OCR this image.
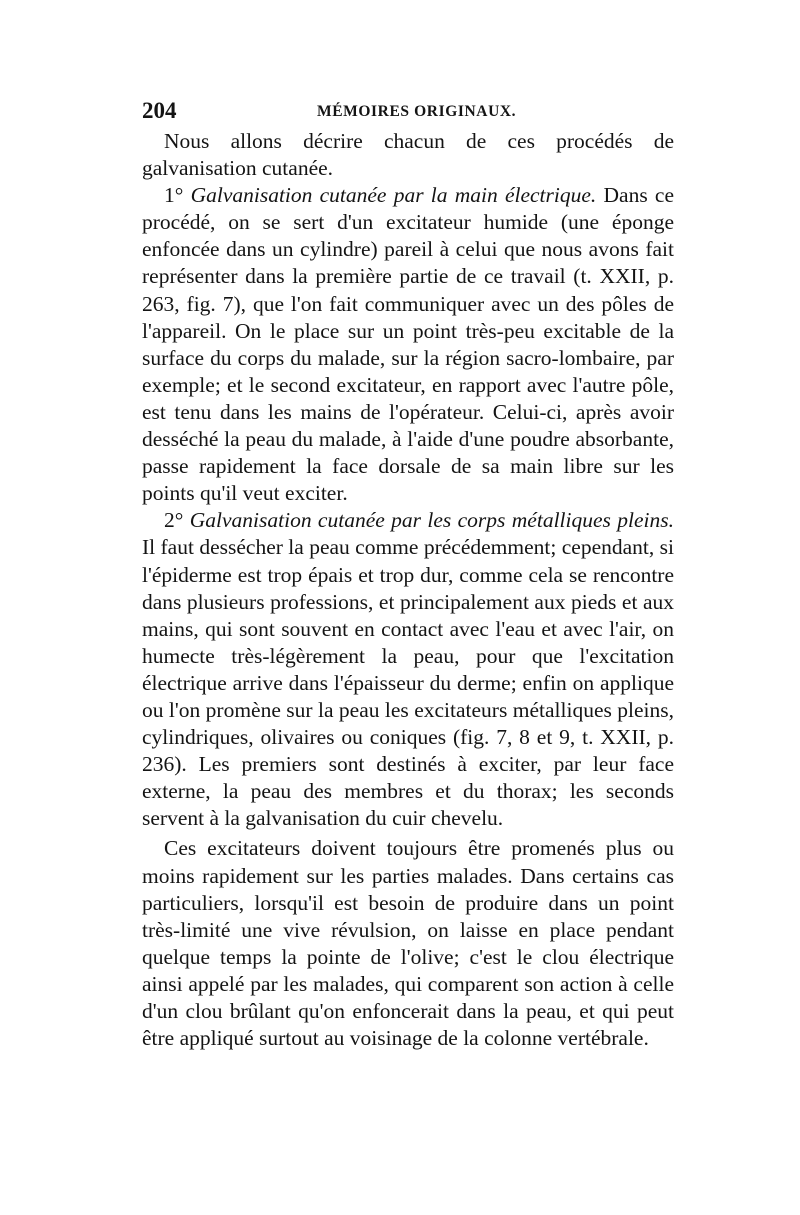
204	MÉMOIRES ORIGINAUX.

Nous allons décrire chacun de ces procédés de galvanisation cutanée.

1° Galvanisation cutanée par la main électrique. Dans ce procédé, on se sert d'un excitateur humide (une éponge enfoncée dans un cylindre) pareil à celui que nous avons fait représenter dans la première partie de ce travail (t. XXII, p. 263, fig. 7), que l'on fait communiquer avec un des pôles de l'appareil. On le place sur un point très-peu excitable de la surface du corps du malade, sur la région sacro-lombaire, par exemple; et le second excitateur, en rapport avec l'autre pôle, est tenu dans les mains de l'opérateur. Celui-ci, après avoir desséché la peau du malade, à l'aide d'une poudre absorbante, passe rapidement la face dorsale de sa main libre sur les points qu'il veut exciter.

2° Galvanisation cutanée par les corps métalliques pleins. Il faut dessécher la peau comme précédemment; cependant, si l'épiderme est trop épais et trop dur, comme cela se rencontre dans plusieurs professions, et principalement aux pieds et aux mains, qui sont souvent en contact avec l'eau et avec l'air, on humecte très-légèrement la peau, pour que l'excitation électrique arrive dans l'épaisseur du derme; enfin on applique ou l'on promène sur la peau les excitateurs métalliques pleins, cylindriques, olivaires ou coniques (fig. 7, 8 et 9, t. XXII, p. 236). Les premiers sont destinés à exciter, par leur face externe, la peau des membres et du thorax; les seconds servent à la galvanisation du cuir chevelu.

Ces excitateurs doivent toujours être promenés plus ou moins rapidement sur les parties malades. Dans certains cas particuliers, lorsqu'il est besoin de produire dans un point très-limité une vive révulsion, on laisse en place pendant quelque temps la pointe de l'olive; c'est le clou électrique ainsi appelé par les malades, qui comparent son action à celle d'un clou brûlant qu'on enfoncerait dans la peau, et qui peut être appliqué surtout au voisinage de la colonne vertébrale.
